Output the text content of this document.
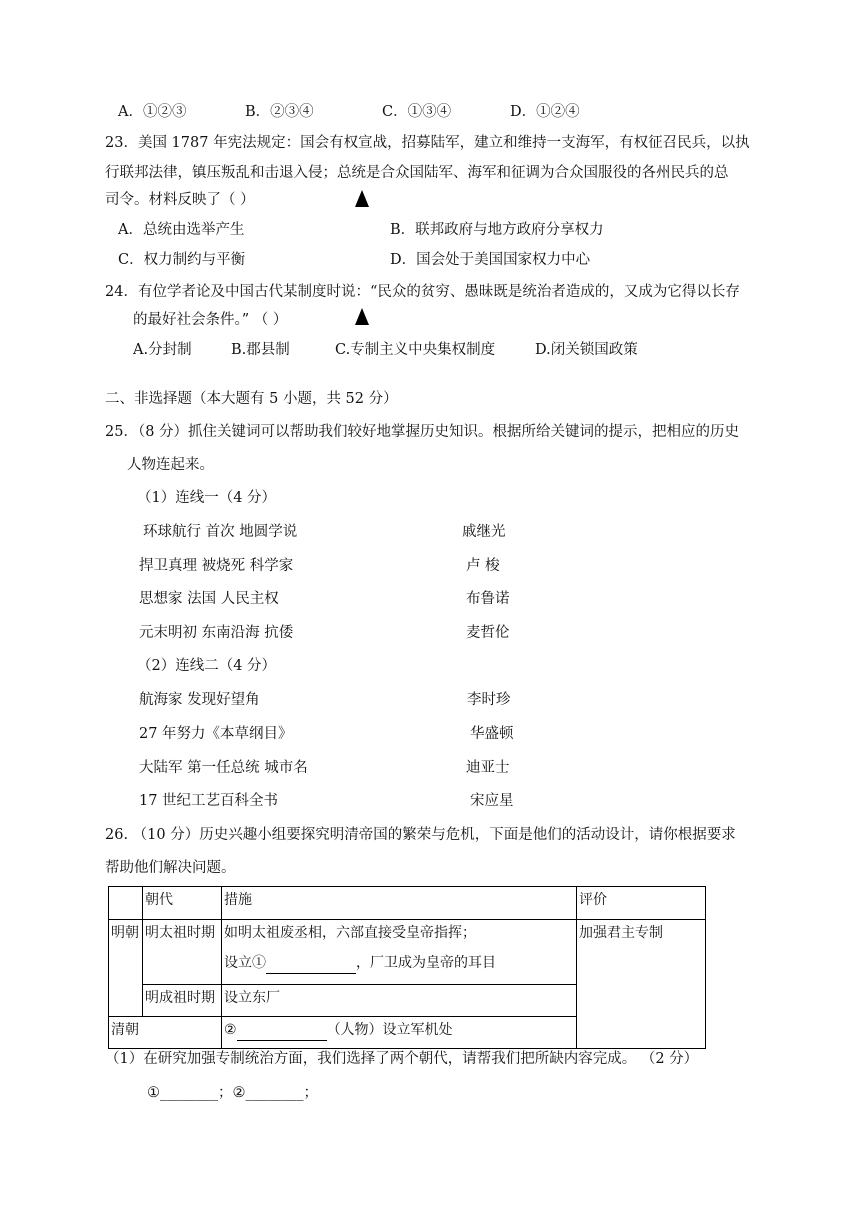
A．①②③	B．②③④	C．①③④	D．①②④
23．美国 1787 年宪法规定：国会有权宣战，招募陆军，建立和维持一支海军，有权征召民兵，以执
行联邦法律，镇压叛乱和击退入侵；总统是合众国陆军、海军和征调为合众国服役的各州民兵的总
司令。材料反映了（ ）
A．总统由选举产生	B．联邦政府与地方政府分享权力
C．权力制约与平衡	D．国会处于美国国家权力中心
24．有位学者论及中国古代某制度时说：“民众的贫穷、愚昧既是统治者造成的，又成为它得以长存
的最好社会条件。” （ ）
A.分封制	B.郡县制	C.专制主义中央集权制度	D.闭关锁国政策
二、非选择题（本大题有 5 小题，共 52 分）
25．（8 分）抓住关键词可以帮助我们较好地掌握历史知识。根据所给关键词的提示，把相应的历史
人物连起来。
（1）连线一（4 分）
环球航行 首次 地圆学说	戚继光
捍卫真理 被烧死 科学家	卢 梭
思想家 法国 人民主权	布鲁诺
元末明初 东南沿海 抗倭	麦哲伦
（2）连线二（4 分）
航海家 发现好望角	李时珍
27 年努力《本草纲目》	华盛顿
大陆军 第一任总统 城市名	迪亚士
17 世纪工艺百科全书	宋应星
26. （10 分）历史兴趣小组要探究明清帝国的繁荣与危机，下面是他们的活动设计，请你根据要求
帮助他们解决问题。
	朝代	措施	评价
明朝	明太祖时期	如明太祖废丞相，六部直接受皇帝指挥；	加强君主专制
		设立① ，厂卫成为皇帝的耳目	
	明成祖时期	设立东厂	
清朝		② （人物）设立军机处	
（1）在研究加强专制统治方面，我们选择了两个朝代，请帮我们把所缺内容完成。 （2 分）
①________；②________；
